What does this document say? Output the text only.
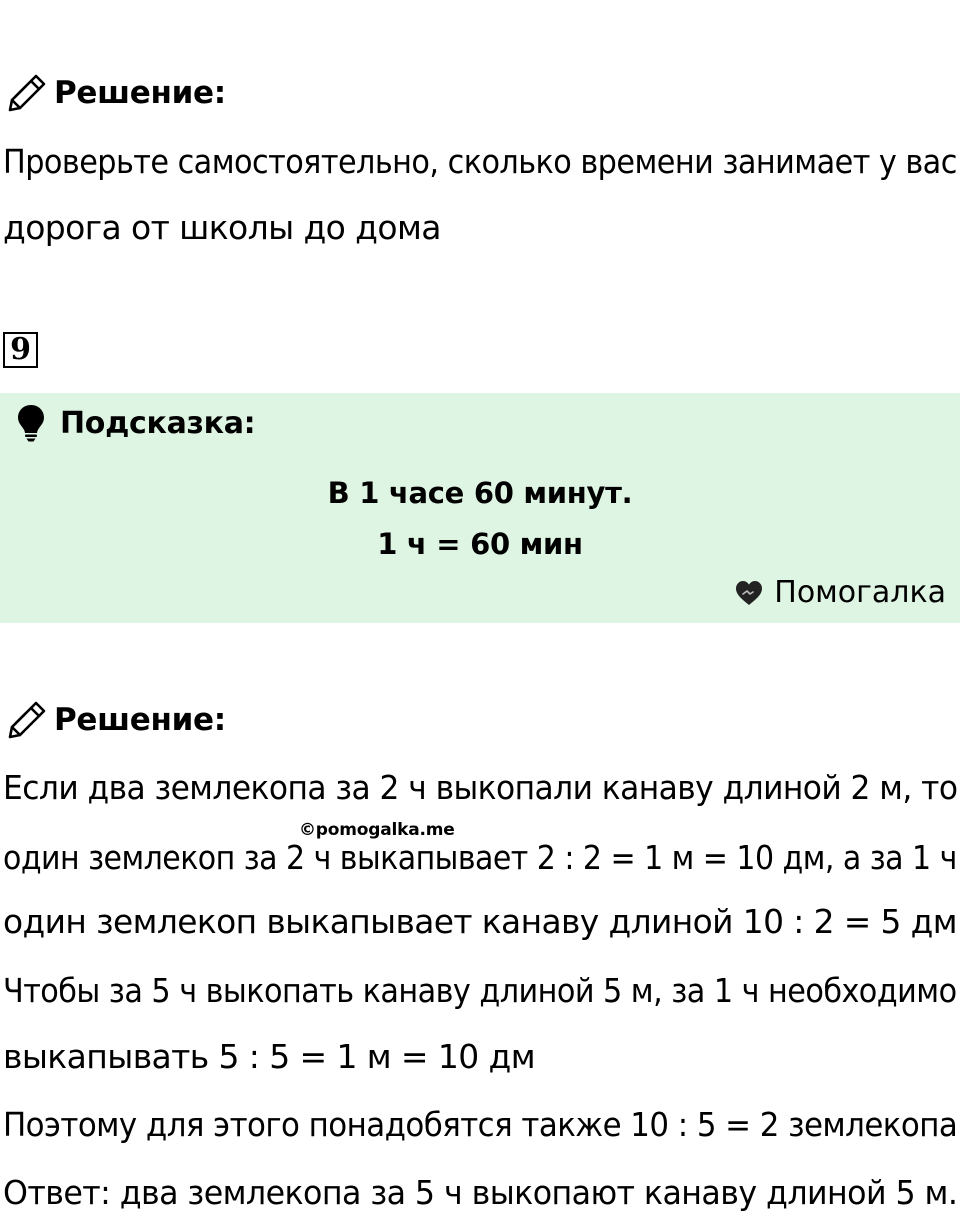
Решение:
Проверьте самостоятельно, сколько времени занимает у вас
дорога от школы до дома
9
Подсказка:
В 1 часе 60 минут.
1 ч = 60 мин
Помогалка
Решение:
Если два землекопа за 2 ч выкопали канаву длиной 2 м, то
©pomogalka.me
один землекоп за 2 ч выкапывает 2 : 2 = 1 м = 10 дм, а за 1 ч
один землекоп выкапывает канаву длиной 10 : 2 = 5 дм
Чтобы за 5 ч выкопать канаву длиной 5 м, за 1 ч необходимо
выкапывать 5 : 5 = 1 м = 10 дм
Поэтому для этого понадобятся также 10 : 5 = 2 землекопа
Ответ: два землекопа за 5 ч выкопают канаву длиной 5 м.
